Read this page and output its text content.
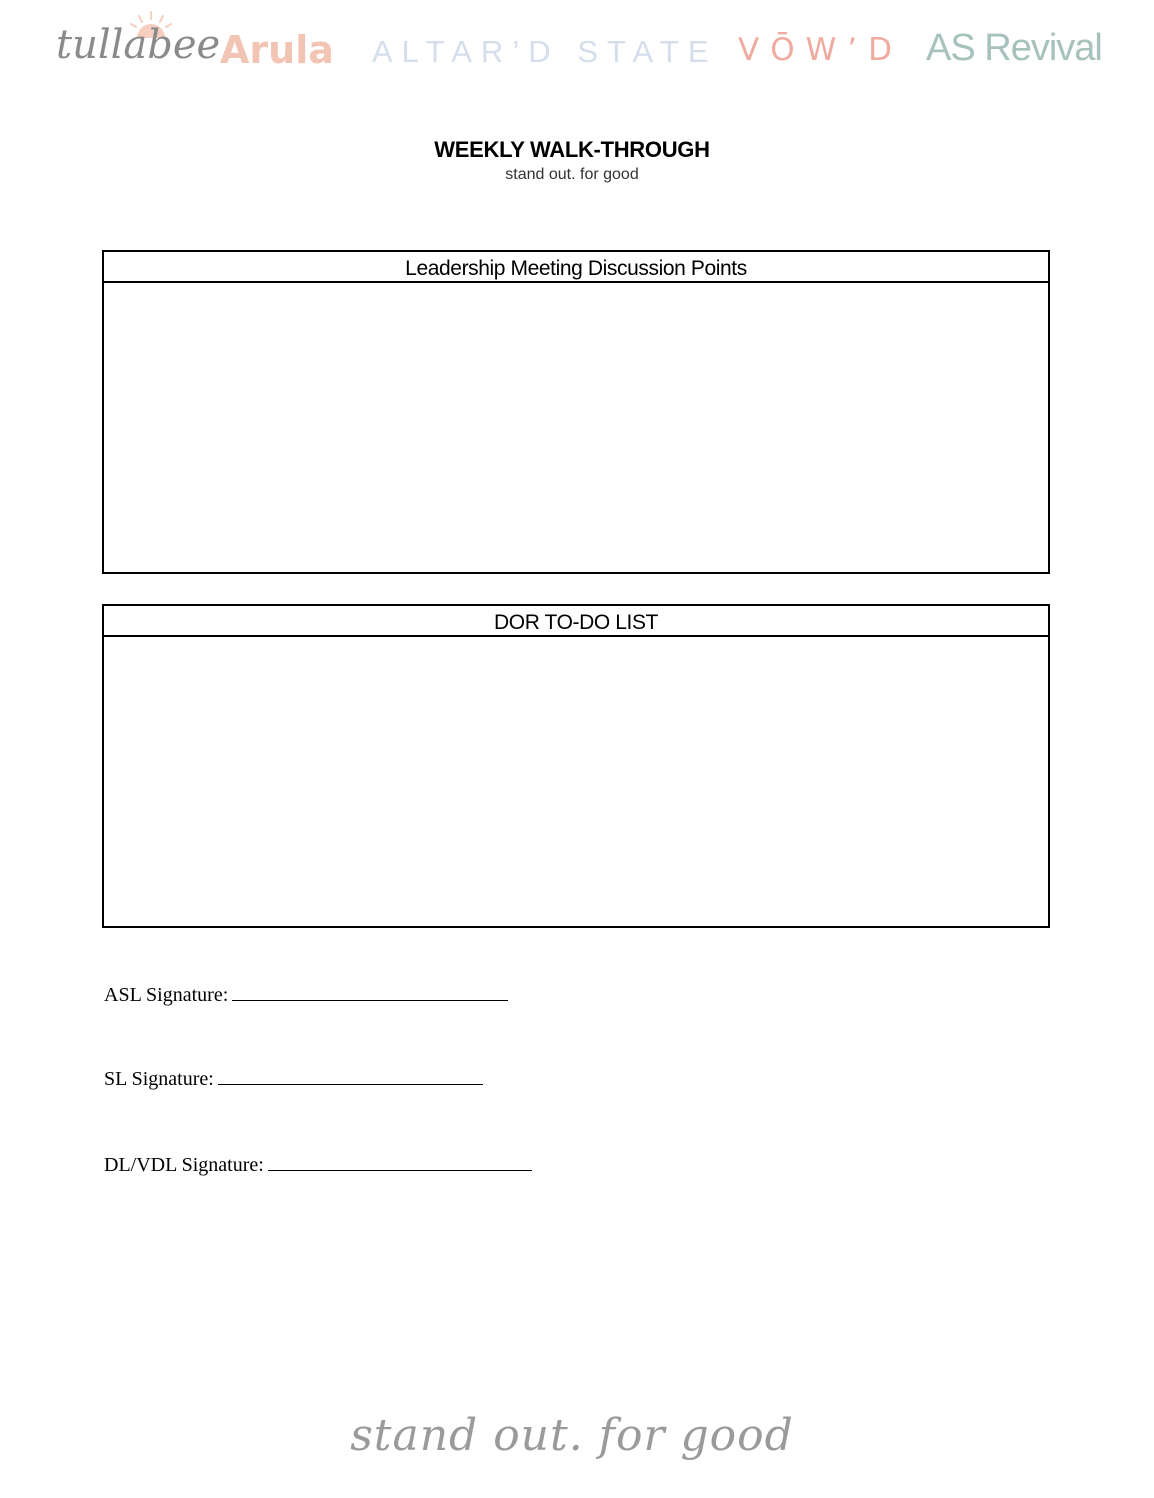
tullabee Arula ALTAR’D STATE VŌW’D AS Revival
WEEKLY WALK-THROUGH
stand out. for good
Leadership Meeting Discussion Points
DOR TO-DO LIST
ASL Signature:
SL Signature:
DL/VDL Signature:
stand out. for good
